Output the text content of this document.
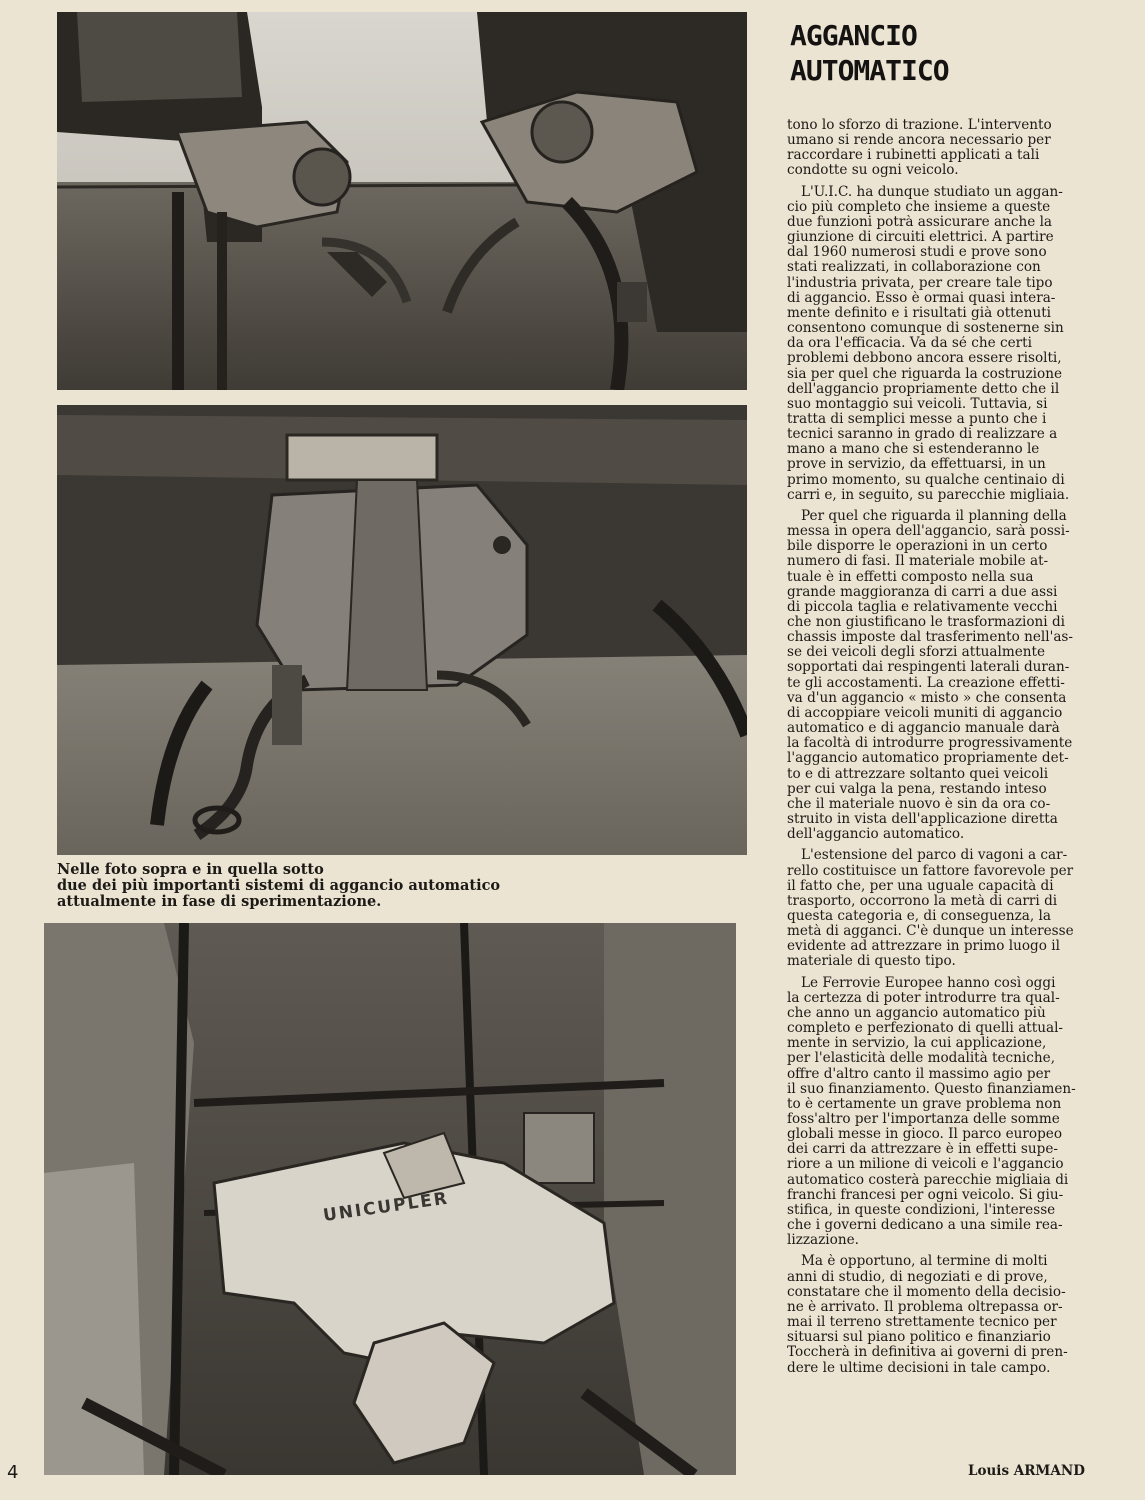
Nelle foto sopra e in quella sotto
due dei più importanti sistemi di aggancio automatico
attualmente in fase di sperimentazione.
UNICUPLER
AGGANCIO
AUTOMATICO

tono lo sforzo di trazione. L'intervento
umano si rende ancora necessario per
raccordare i rubinetti applicati a tali
condotte su ogni veicolo.

L'U.I.C. ha dunque studiato un aggan-
cio più completo che insieme a queste
due funzioni potrà assicurare anche la
giunzione di circuiti elettrici. A partire
dal 1960 numerosi studi e prove sono
stati realizzati, in collaborazione con
l'industria privata, per creare tale tipo
di aggancio. Esso è ormai quasi intera-
mente definito e i risultati già ottenuti
consentono comunque di sostenerne sin
da ora l'efficacia. Va da sé che certi
problemi debbono ancora essere risolti,
sia per quel che riguarda la costruzione
dell'aggancio propriamente detto che il
suo montaggio sui veicoli. Tuttavia, si
tratta di semplici messe a punto che i
tecnici saranno in grado di realizzare a
mano a mano che si estenderanno le
prove in servizio, da effettuarsi, in un
primo momento, su qualche centinaio di
carri e, in seguito, su parecchie migliaia.

Per quel che riguarda il planning della
messa in opera dell'aggancio, sarà possi-
bile disporre le operazioni in un certo
numero di fasi. Il materiale mobile at-
tuale è in effetti composto nella sua
grande maggioranza di carri a due assi
di piccola taglia e relativamente vecchi
che non giustificano le trasformazioni di
chassis imposte dal trasferimento nell'as-
se dei veicoli degli sforzi attualmente
sopportati dai respingenti laterali duran-
te gli accostamenti. La creazione effetti-
va d'un aggancio « misto » che consenta
di accoppiare veicoli muniti di aggancio
automatico e di aggancio manuale darà
la facoltà di introdurre progressivamente
l'aggancio automatico propriamente det-
to e di attrezzare soltanto quei veicoli
per cui valga la pena, restando inteso
che il materiale nuovo è sin da ora co-
struito in vista dell'applicazione diretta
dell'aggancio automatico.

L'estensione del parco di vagoni a car-
rello costituisce un fattore favorevole per
il fatto che, per una uguale capacità di
trasporto, occorrono la metà di carri di
questa categoria e, di conseguenza, la
metà di agganci. C'è dunque un interesse
evidente ad attrezzare in primo luogo il
materiale di questo tipo.

Le Ferrovie Europee hanno così oggi
la certezza di poter introdurre tra qual-
che anno un aggancio automatico più
completo e perfezionato di quelli attual-
mente in servizio, la cui applicazione,
per l'elasticità delle modalità tecniche,
offre d'altro canto il massimo agio per
il suo finanziamento. Questo finanziamen-
to è certamente un grave problema non
foss'altro per l'importanza delle somme
globali messe in gioco. Il parco europeo
dei carri da attrezzare è in effetti supe-
riore a un milione di veicoli e l'aggancio
automatico costerà parecchie migliaia di
franchi francesi per ogni veicolo. Si giu-
stifica, in queste condizioni, l'interesse
che i governi dedicano a una simile rea-
lizzazione.

Ma è opportuno, al termine di molti
anni di studio, di negoziati e di prove,
constatare che il momento della decisio-
ne è arrivato. Il problema oltrepassa or-
mai il terreno strettamente tecnico per
situarsi sul piano politico e finanziario
Toccherà in definitiva ai governi di pren-
dere le ultime decisioni in tale campo.

Louis ARMAND
4
